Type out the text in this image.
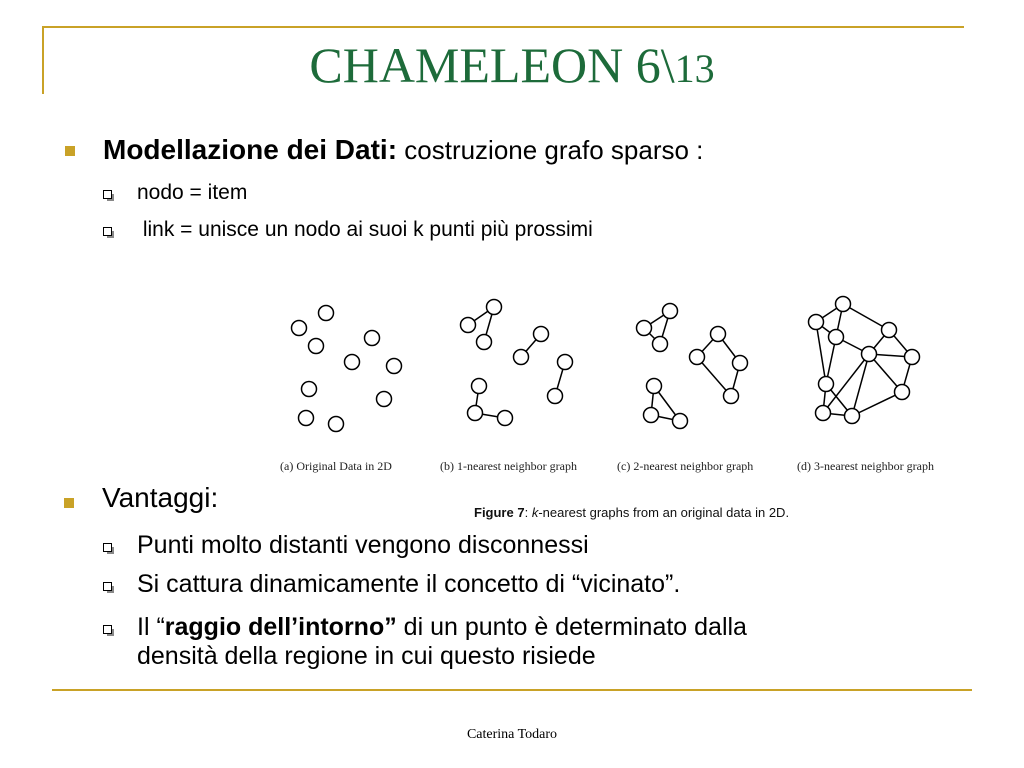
CHAMELEON 6\13
Modellazione dei Dati: costruzione grafo sparso :
nodo = item
link = unisce un nodo ai suoi k punti più prossimi
(a) Original Data in 2D	(b) 1-nearest neighbor graph	(c) 2-nearest neighbor graph	(d) 3-nearest neighbor graph
Figure 7: k-nearest graphs from an original data in 2D.
Vantaggi:
Punti molto distanti vengono disconnessi
Si cattura dinamicamente il concetto di “vicinato”.
Il “raggio dell’intorno” di un punto è determinato dalla
densità della regione in cui questo risiede
Caterina Todaro
